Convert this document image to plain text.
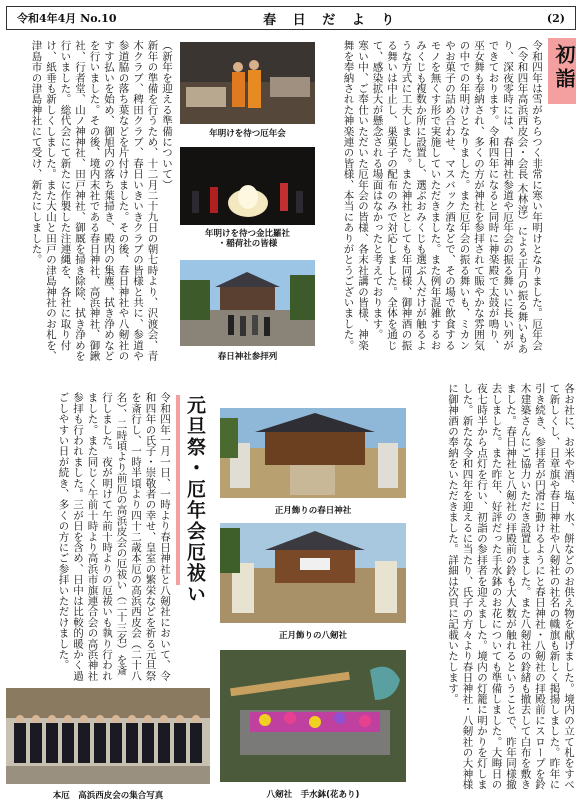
令和4年4月 No.10	春 日 だ よ り	(2)
初詣
令和四年は雪がちらつく非常に寒い年明けとなりました。厄年会（令和四年高浜西皮会・会長 木林淳）による正月の振る舞いもあり、深夜零時には、春日神社参道や厄年会の振る舞いに長い列ができております。令和四年になると同時に神楽殿で太鼓が鳴り、巫女舞も奉納され、多くの方が神社を参拝されて賑やかな雰囲気の中での年明けとなりました。また厄年会の振る舞いも、ミカンやお菓子の詰め合わせ、マスバック酒などで、その場で飲食するモノを無くす形で実施していただきました。また例年混雑するおみくじも複数か所に設置し、選ぶおみくじも選ぶ人だけが触るような方式に工夫しました。また神社としても年同様、御神酒の振る舞いは中止し、巣菓子の配布のみで対応しました。全体を通じて、感染拡大が懸念される場面はなかったと考えております。
寒い中、ご奉仕いただいた厄年会の皆様、各末社講の皆様、神楽舞を奉納された神楽連の皆様、本当にありがとうございました。
（新年を迎える準備について）
新年の準備を行うため、十二月二十九日の朝七時より、沢渡会、青木クラブ、稗田クラブ、春日いきいきクラブの皆様と共に、参道や参道脇の落ち葉などを片付けました。その後、春日神社や八剱社のすす払いを始め、御旭内の落ち葉掃き、殿内の集塵、拭き浄めなどを行いました。その後、境内末社である春日神社、高浜神社、御鍬社、行者堂、山ノ神神社、田戸神社、御厩を掃き除除、拭き浄めを行いました。総代会にて新たに作製した注連縄を、各社に取り付け、紙垂も新しくしました。また大山と田戸の津島神社のお札を、津島市の津島神社にて受け、新たにしました。	年明けを待つ厄年会
年明けを待つ金比羅社
・稲荷社の皆様
春日神社参拝列
元旦祭・厄年会厄祓い
令和四年一月一日、一時より春日神社と八剱社において、令和四年の氏子・崇敬者の幸せ、皇室の繁栄などを祈る元旦祭を斎行し、一時半頃より四十二歳本厄の高浜西皮会（二十八名）、二時頃より前厄の高浜皮会の厄祓い（二十三名）を斎行しました。夜が明けて午前十時よりの厄祓いも執り行われました。また同じく午前十時より高浜市旗連合会の高浜神社参拝も行われました。三が日を含め、日中は比較的暖かく過ごしやすい日が続き、多くの方にご参拝いただけました。	各お社に、お米や酒、塩、水、餅などのお供え物を献げました。境内の立て札をすべて新しくし、日章旗や春日神社や八剱社の社名の幟旗も新しく掲揚しました。昨年に引き続き、参拝者が円滑に動けるようにと春日神社・八剱社の拝殿前にスロープを鈴木建築さんにご協力いただき設置しました。また八剱社の鈴緒も撤去して白布を敷きました。春日神社と八剱社の拝殿前の鈴も大人数が触れるということで、昨年同様撤去しました。また昨年、好評だった手水鉢のお花についても準備しました。大晦日の夜七時半から点灯を行い、初詣の参拝者を迎えました。境内の灯籠に明かりを灯しました。新たな令和四年を迎えるに当たり、氏子の方々より春日神社・八剱社の大神様に御神酒の奉納をいただきました。詳細は次頁に記載いたします。
正月飾りの春日神社
正月飾りの八剱社
八剱社　手水鉢(花あり)
本厄　高浜西皮会の集合写真
